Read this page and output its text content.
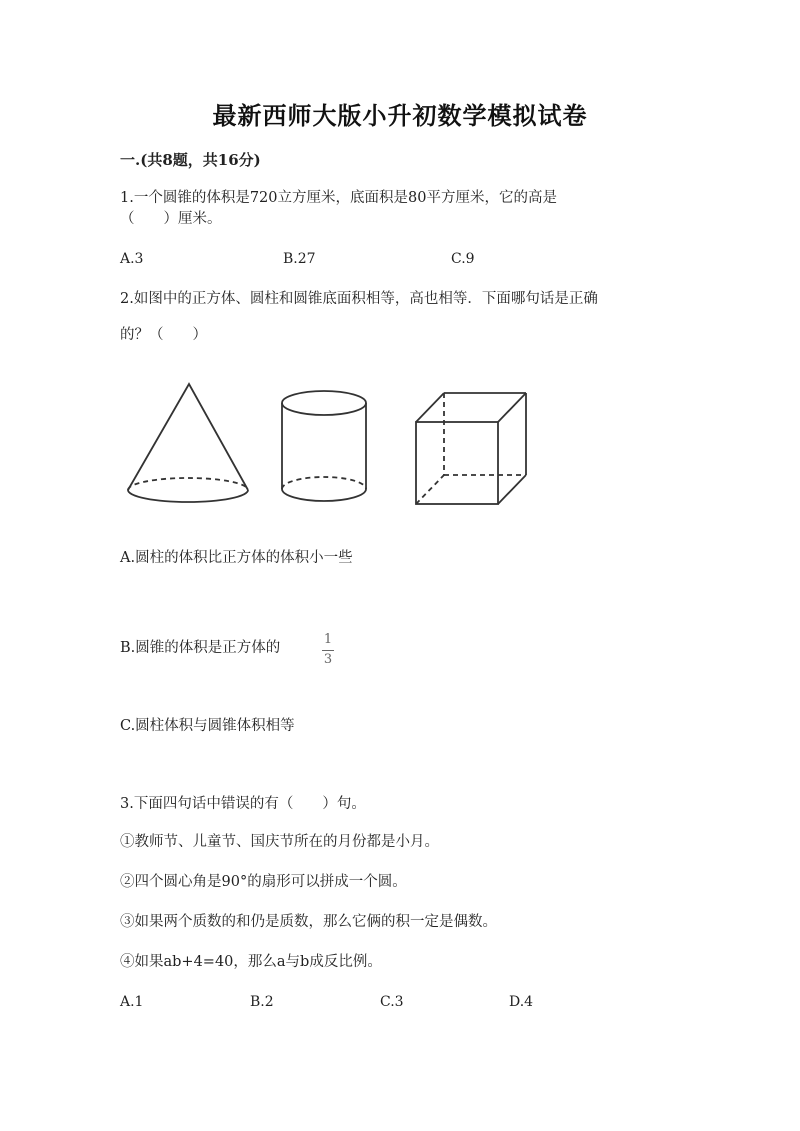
最新西师大版小升初数学模拟试卷
一.(共8题，共16分)
1.一个圆锥的体积是720立方厘米，底面积是80平方厘米，它的高是
（　　）厘米。
A.3	B.27	C.9
2.如图中的正方体、圆柱和圆锥底面积相等，高也相等．下面哪句话是正确
的？（　　）
A.圆柱的体积比正方体的体积小一些
B.圆锥的体积是正方体的
1
3
C.圆柱体积与圆锥体积相等
3.下面四句话中错误的有（　　）句。
①教师节、儿童节、国庆节所在的月份都是小月。
②四个圆心角是90°的扇形可以拼成一个圆。
③如果两个质数的和仍是质数，那么它俩的积一定是偶数。
④如果ab+4=40，那么a与b成反比例。
A.1	B.2	C.3	D.4
